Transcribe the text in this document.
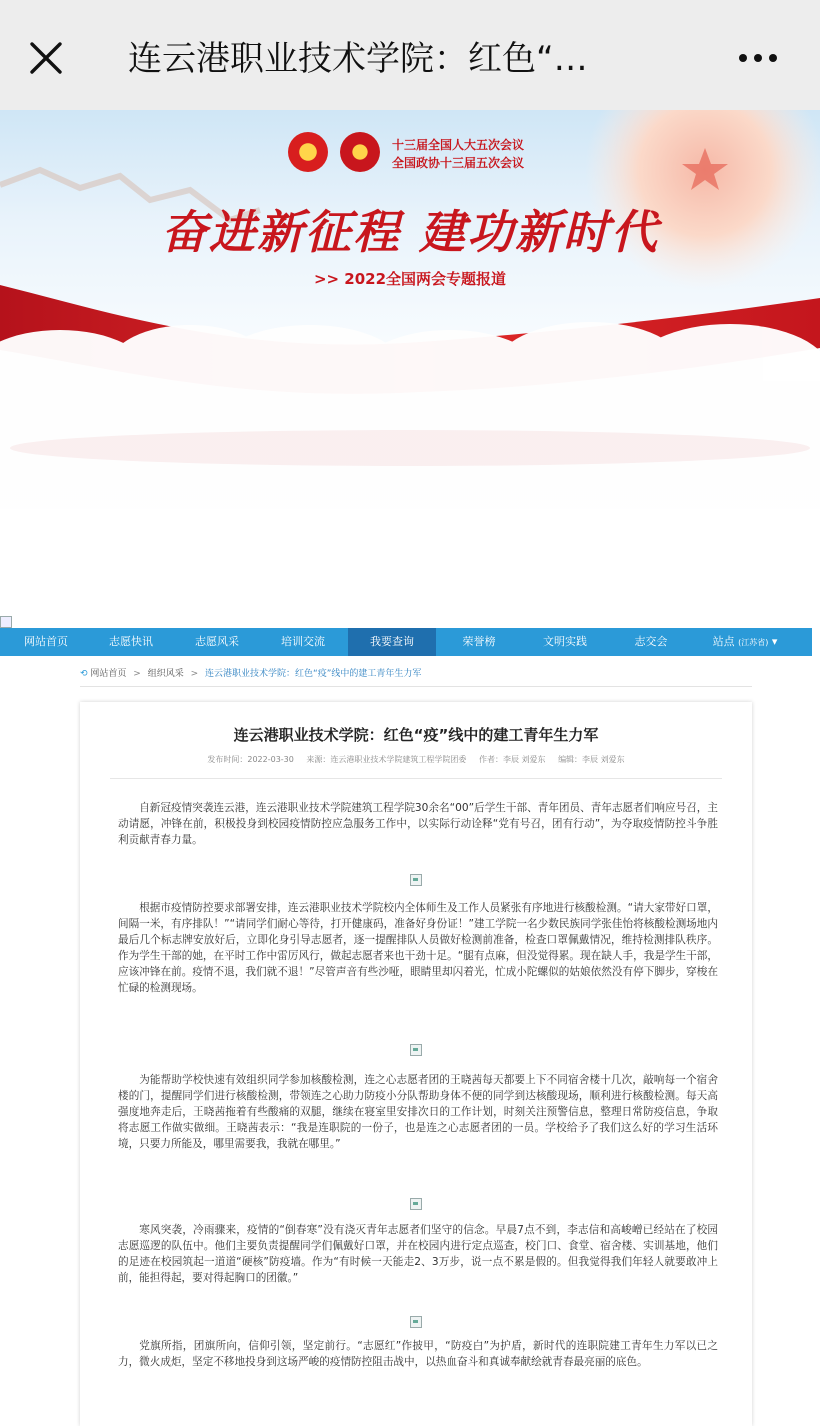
连云港职业技术学院：红色“…
十三届全国人大五次会议
全国政协十三届五次会议
奋进新征程 建功新时代
>> 2022全国两会专题报道
网站首页	志愿快讯	志愿风采	培训交流	我要查询	荣誉榜	文明实践	志交会	站点 (江苏省) ▾
⟲ 网站首页 > 组织风采 > 连云港职业技术学院：红色“疫”线中的建工青年生力军
连云港职业技术学院：红色“疫”线中的建工青年生力军
发布时间：2022-03-30 来源：连云港职业技术学院建筑工程学院团委 作者：李辰 刘爱东 编辑：李辰 刘爱东

自新冠疫情突袭连云港，连云港职业技术学院建筑工程学院30余名“00”后学生干部、青年团员、青年志愿者们响应号召，主动请愿，冲锋在前，积极投身到校园疫情防控应急服务工作中，以实际行动诠释“党有号召，团有行动”，为夺取疫情防控斗争胜利贡献青春力量。

根据市疫情防控要求部署安排，连云港职业技术学院校内全体师生及工作人员紧张有序地进行核酸检测。“请大家带好口罩，间隔一米，有序排队！”“请同学们耐心等待，打开健康码，准备好身份证！”建工学院一名少数民族同学张佳怡将核酸检测场地内最后几个标志牌安放好后，立即化身引导志愿者，逐一提醒排队人员做好检测前准备，检查口罩佩戴情况，维持检测排队秩序。作为学生干部的她，在平时工作中雷厉风行，做起志愿者来也干劲十足。“腿有点麻，但没觉得累。现在缺人手，我是学生干部，应该冲锋在前。疫情不退，我们就不退！”尽管声音有些沙哑，眼睛里却闪着光，忙成小陀螺似的姑娘依然没有停下脚步，穿梭在忙碌的检测现场。

为能帮助学校快速有效组织同学参加核酸检测，连之心志愿者团的王晓茜每天都要上下不同宿舍楼十几次，敲响每一个宿舍楼的门，提醒同学们进行核酸检测，带领连之心助力防疫小分队帮助身体不便的同学到达核酸现场，顺利进行核酸检测。每天高强度地奔走后，王晓茜拖着有些酸痛的双腿，继续在寝室里安排次日的工作计划，时刻关注预警信息，整理日常防疫信息，争取将志愿工作做实做细。王晓茜表示：“我是连职院的一份子，也是连之心志愿者团的一员。学校给予了我们这么好的学习生活环境，只要力所能及，哪里需要我，我就在哪里。”

寒风突袭，冷雨骤来，疫情的“倒春寒”没有浇灭青年志愿者们坚守的信念。早晨7点不到，李志信和高峻嶒已经站在了校园志愿巡逻的队伍中。他们主要负责提醒同学们佩戴好口罩，并在校园内进行定点巡查，校门口、食堂、宿舍楼、实训基地，他们的足迹在校园筑起一道道“硬核”防疫墙。作为“有时候一天能走2、3万步，说一点不累是假的。但我觉得我们年轻人就要敢冲上前，能担得起，要对得起胸口的团徽。”

党旗所指，团旗所向，信仰引领，坚定前行。“志愿红”作披甲，“防疫白”为护盾，新时代的连职院建工青年生力军以已之力，微火成炬，坚定不移地投身到这场严峻的疫情防控阻击战中，以热血奋斗和真诚奉献绘就青春最亮丽的底色。
